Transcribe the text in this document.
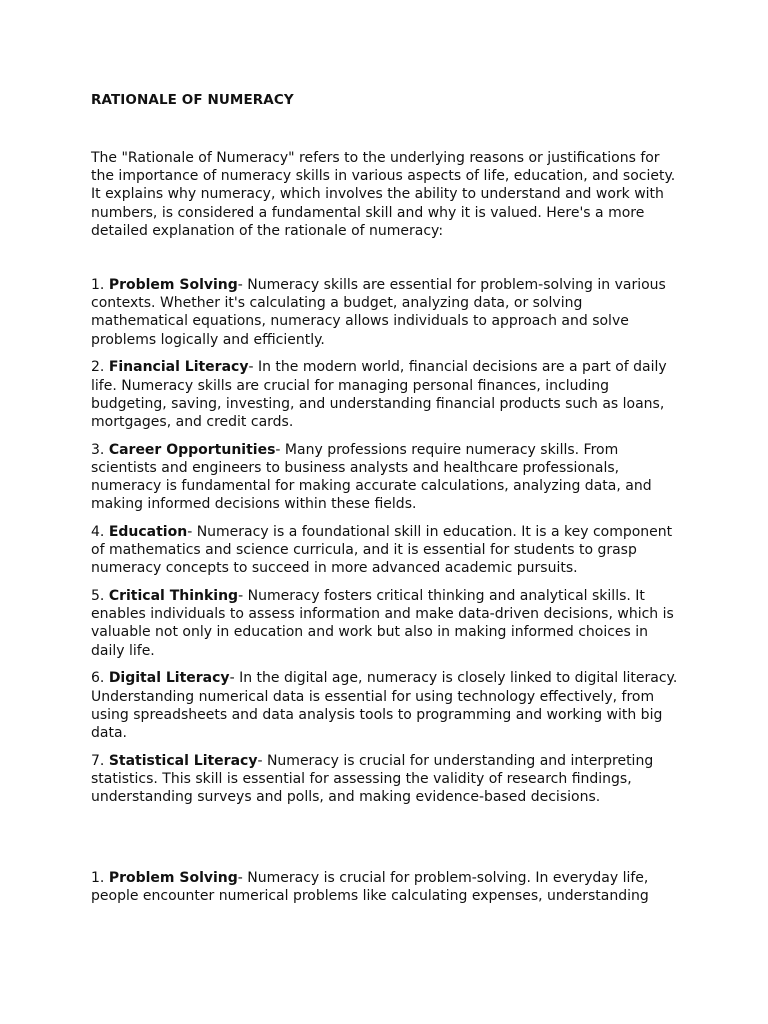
RATIONALE OF NUMERACY

The "Rationale of Numeracy" refers to the underlying reasons or justifications for the importance of numeracy skills in various aspects of life, education, and society. It explains why numeracy, which involves the ability to understand and work with numbers, is considered a fundamental skill and why it is valued. Here's a more detailed explanation of the rationale of numeracy:

1. Problem Solving- Numeracy skills are essential for problem-solving in various contexts. Whether it's calculating a budget, analyzing data, or solving mathematical equations, numeracy allows individuals to approach and solve problems logically and efficiently.
2. Financial Literacy- In the modern world, financial decisions are a part of daily life. Numeracy skills are crucial for managing personal finances, including budgeting, saving, investing, and understanding financial products such as loans, mortgages, and credit cards.
3. Career Opportunities- Many professions require numeracy skills. From scientists and engineers to business analysts and healthcare professionals, numeracy is fundamental for making accurate calculations, analyzing data, and making informed decisions within these fields.
4. Education- Numeracy is a foundational skill in education. It is a key component of mathematics and science curricula, and it is essential for students to grasp numeracy concepts to succeed in more advanced academic pursuits.
5. Critical Thinking- Numeracy fosters critical thinking and analytical skills. It enables individuals to assess information and make data-driven decisions, which is valuable not only in education and work but also in making informed choices in daily life.
6. Digital Literacy- In the digital age, numeracy is closely linked to digital literacy. Understanding numerical data is essential for using technology effectively, from using spreadsheets and data analysis tools to programming and working with big data.
7. Statistical Literacy- Numeracy is crucial for understanding and interpreting statistics. This skill is essential for assessing the validity of research findings, understanding surveys and polls, and making evidence-based decisions.
1. Problem Solving- Numeracy is crucial for problem-solving. In everyday life, people encounter numerical problems like calculating expenses, understanding
